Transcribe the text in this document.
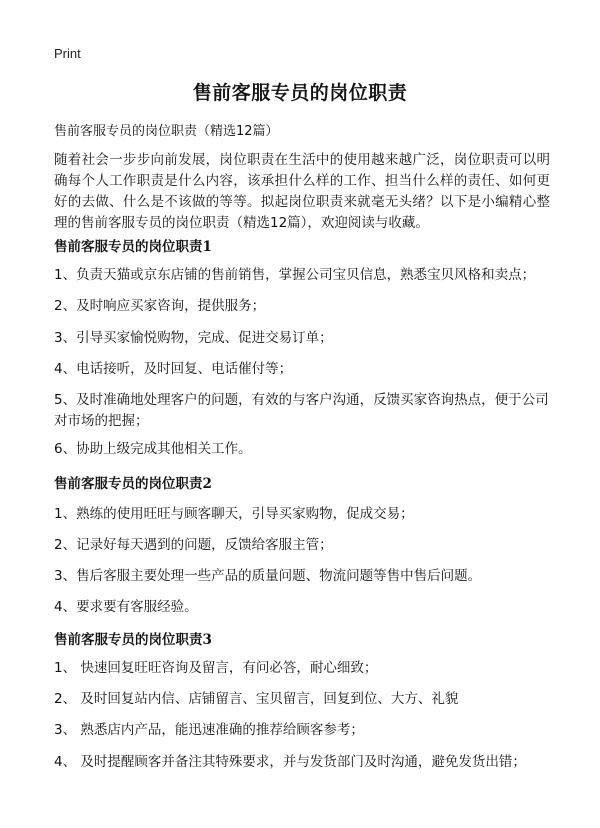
Print
售前客服专员的岗位职责
售前客服专员的岗位职责（精选12篇）
随着社会一步步向前发展，岗位职责在生活中的使用越来越广泛，岗位职责可以明确每个人工作职责是什么内容，该承担什么样的工作、担当什么样的责任、如何更好的去做、什么是不该做的等等。拟起岗位职责来就毫无头绪？以下是小编精心整理的售前客服专员的岗位职责（精选12篇），欢迎阅读与收藏。
售前客服专员的岗位职责1
1、负责天猫或京东店铺的售前销售，掌握公司宝贝信息，熟悉宝贝风格和卖点；
2、及时响应买家咨询，提供服务；
3、引导买家愉悦购物，完成、促进交易订单；
4、电话接听，及时回复、电话催付等；
5、及时准确地处理客户的问题，有效的与客户沟通，反馈买家咨询热点，便于公司对市场的把握；
6、协助上级完成其他相关工作。
售前客服专员的岗位职责2
1、熟练的使用旺旺与顾客聊天，引导买家购物，促成交易；
2、记录好每天遇到的问题，反馈给客服主管；
3、售后客服主要处理一些产品的质量问题、物流问题等售中售后问题。
4、要求要有客服经验。
售前客服专员的岗位职责3
1、 快速回复旺旺咨询及留言，有问必答，耐心细致；
2、 及时回复站内信、店铺留言、宝贝留言，回复到位、大方、礼貌
3、 熟悉店内产品，能迅速准确的推荐给顾客参考；
4、 及时提醒顾客并备注其特殊要求，并与发货部门及时沟通，避免发货出错；
